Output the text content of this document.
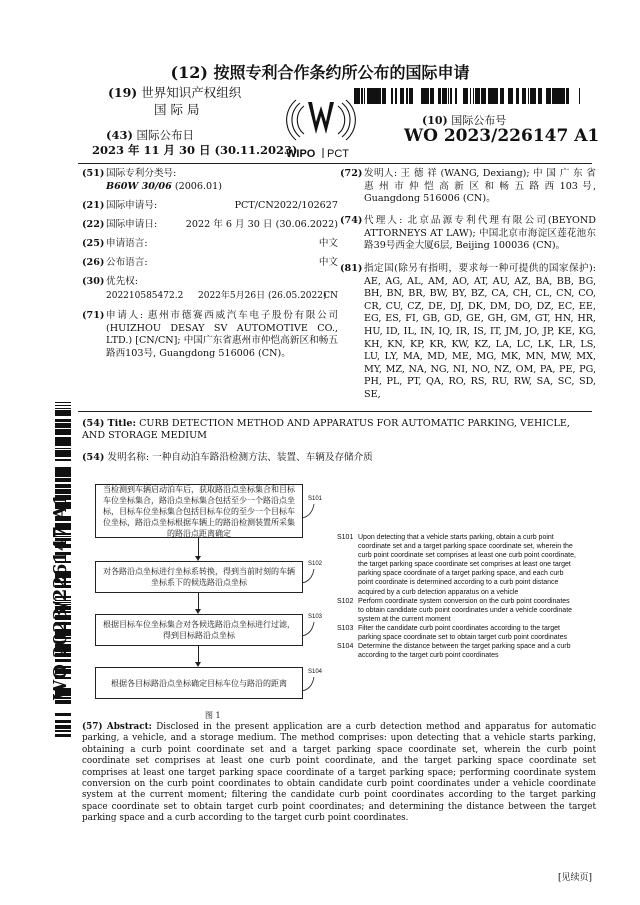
(12) 按照专利合作条约所公布的国际申请
(19) 世界知识产权组织
国 际 局
(43) 国际公布日
2023 年 11 月 30 日 (30.11.2023)
WIPO PCT
(10) 国际公布号
WO 2023/226147 A1
(51) 国际专利分类号:
B60W 30/06 (2006.01)
(21) 国际申请号:	PCT/CN2022/102627
(22) 国际申请日:	2022 年 6 月 30 日 (30.06.2022)
(25) 申请语言:	中文
(26) 公布语言:	中文
(30) 优先权:
202210585472.2 2022年5月26日 (26.05.2022)
CN
(71) 申请人: 惠州市德赛西威汽车电子股份有限公司(HUIZHOU DESAY SV AUTOMOTIVE CO., LTD.) [CN/CN]; 中国广东省惠州市仲恺高新区和畅五路西103号, Guangdong 516006 (CN)。
(72) 发明人: 王 德 祥 (WANG, Dexiang); 中 国 广 东 省 惠 州 市 仲 恺 高 新 区 和 畅 五 路 西 103 号, Guangdong 516006 (CN)。
(74) 代理人: 北京品源专利代理有限公司(BEYOND ATTORNEYS AT LAW); 中国北京市海淀区莲花池东路39号西金大厦6层, Beijing 100036 (CN)。
(81) 指定国(除另有指明，要求每一种可提供的国家保护): AE, AG, AL, AM, AO, AT, AU, AZ, BA, BB, BG, BH, BN, BR, BW, BY, BZ, CA, CH, CL, CN, CO, CR, CU, CZ, DE, DJ, DK, DM, DO, DZ, EC, EE, EG, ES, FI, GB, GD, GE, GH, GM, GT, HN, HR, HU, ID, IL, IN, IQ, IR, IS, IT, JM, JO, JP, KE, KG, KH, KN, KP, KR, KW, KZ, LA, LC, LK, LR, LS, LU, LY, MA, MD, ME, MG, MK, MN, MW, MX, MY, MZ, NA, NG, NI, NO, NZ, OM, PA, PE, PG, PH, PL, PT, QA, RO, RS, RU, RW, SA, SC, SD, SE,
WO 2023/226147 A1
(54) Title: CURB DETECTION METHOD AND APPARATUS FOR AUTOMATIC PARKING, VEHICLE, AND STORAGE MEDIUM
(54) 发明名称: 一种自动泊车路沿检测方法、装置、车辆及存储介质
当检测到车辆启动泊车后，获取路沿点坐标集合和目标车位坐标集合，路沿点坐标集合包括至少一个路沿点坐标，目标车位坐标集合包括目标车位的至少一个目标车位坐标，路沿点坐标根据车辆上的路沿检测装置所采集的路沿点距离确定
S101
对各路沿点坐标进行坐标系转换，得到当前时刻的车辆坐标系下的候选路沿点坐标
S102
根据目标车位坐标集合对各候选路沿点坐标进行过滤，得到目标路沿点坐标
S103
根据各目标路沿点坐标确定目标车位与路沿的距离
S104
图 1
S101 Upon detecting that a vehicle starts parking, obtain a curb point coordinate set and a target parking space coordinate set, wherein the curb point coordinate set comprises at least one curb point coordinate, the target parking space coordinate set comprises at least one target parking space coordinate of a target parking space, and each curb point coordinate is determined according to a curb point distance acquired by a curb detection apparatus on a vehicle
S102 Perform coordinate system conversion on the curb point coordinates to obtain candidate curb point coordinates under a vehicle coordinate system at the current moment
S103 Filter the candidate curb point coordinates according to the target parking space coordinate set to obtain target curb point coordinates
S104 Determine the distance between the target parking space and a curb according to the target curb point coordinates
(57) Abstract: Disclosed in the present application are a curb detection method and apparatus for automatic parking, a vehicle, and a storage medium. The method comprises: upon detecting that a vehicle starts parking, obtaining a curb point coordinate set and a target parking space coordinate set, wherein the curb point coordinate set comprises at least one curb point coordinate, and the target parking space coordinate set comprises at least one target parking space coordinate of a target parking space; performing coordinate system conversion on the curb point coordinates to obtain candidate curb point coordinates under a vehicle coordinate system at the current moment; filtering the candidate curb point coordinates according to the target parking space coordinate set to obtain target curb point coordinates; and determining the distance between the target parking space and a curb according to the target curb point coordinates.
[见续页]
